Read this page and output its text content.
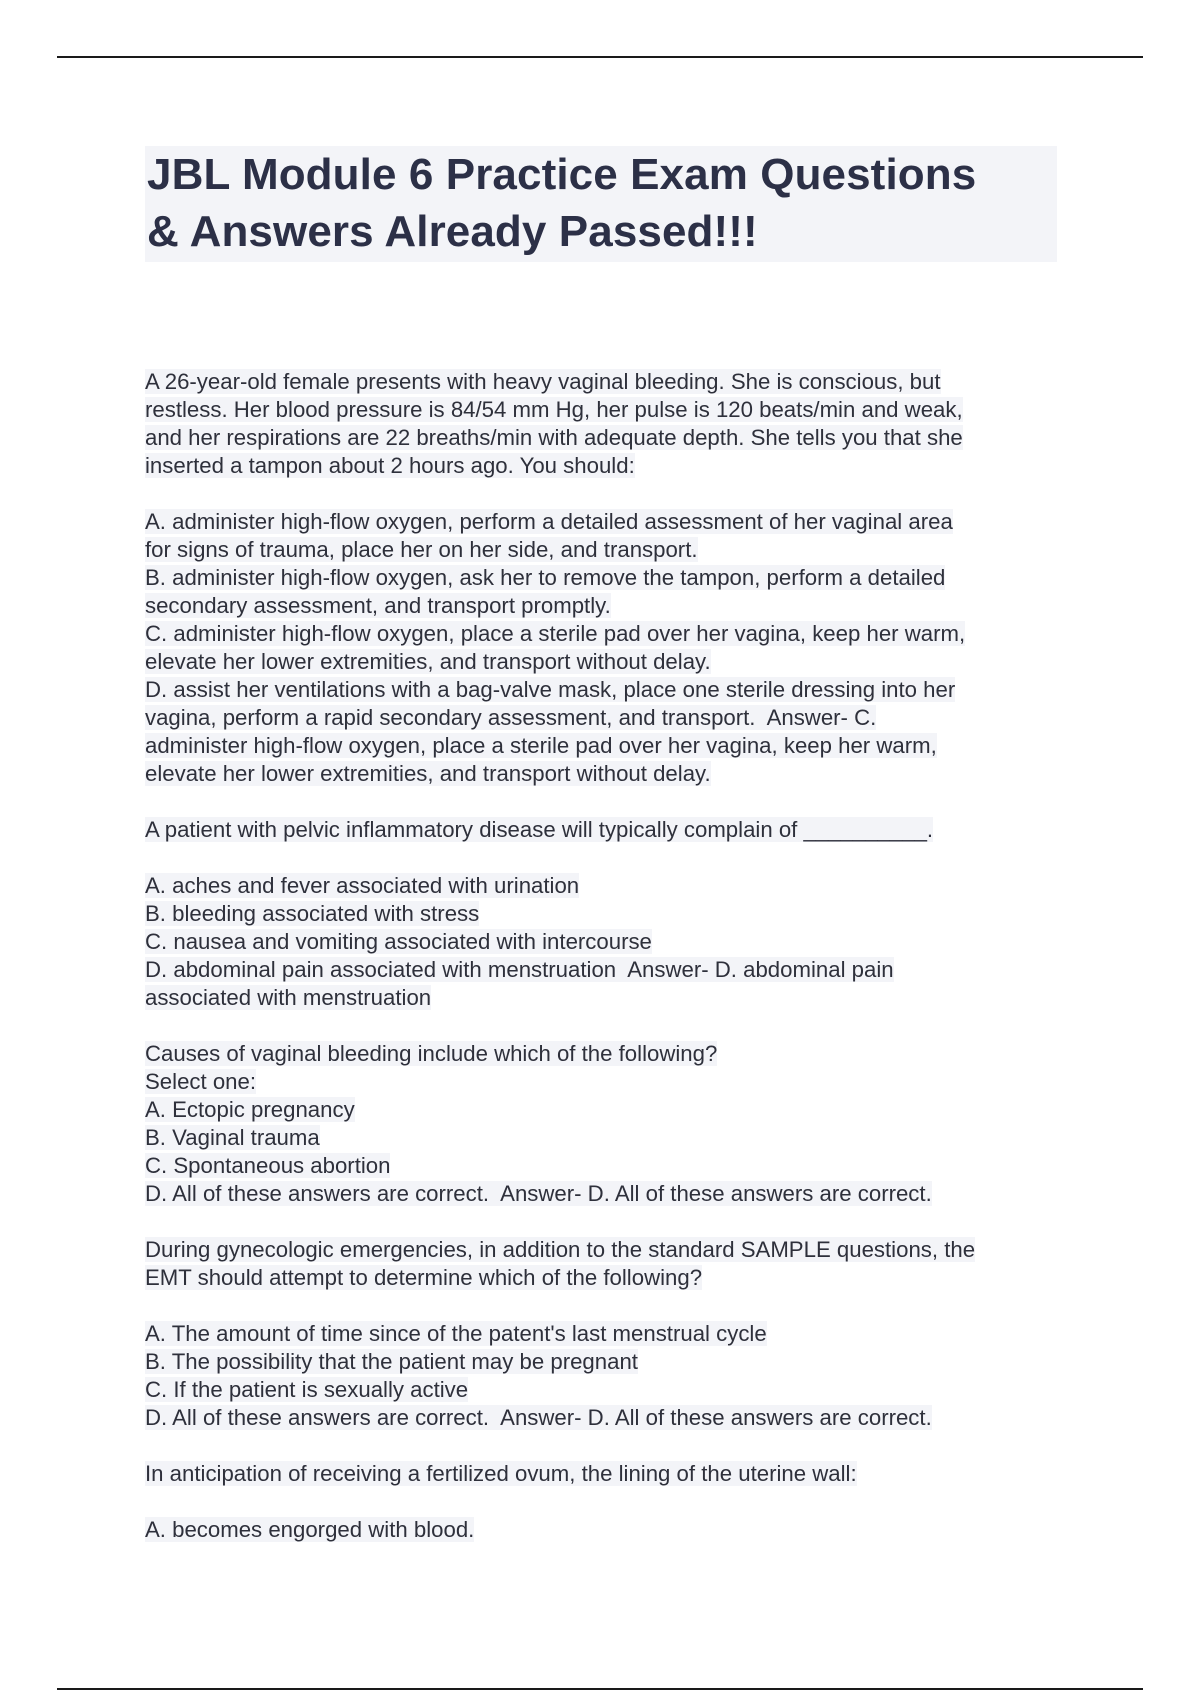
JBL Module 6 Practice Exam Questions
& Answers Already Passed!!!

A 26-year-old female presents with heavy vaginal bleeding. She is conscious, but
restless. Her blood pressure is 84/54 mm Hg, her pulse is 120 beats/min and weak,
and her respirations are 22 breaths/min with adequate depth. She tells you that she
inserted a tampon about 2 hours ago. You should:

A. administer high-flow oxygen, perform a detailed assessment of her vaginal area
for signs of trauma, place her on her side, and transport.
B. administer high-flow oxygen, ask her to remove the tampon, perform a detailed
secondary assessment, and transport promptly.
C. administer high-flow oxygen, place a sterile pad over her vagina, keep her warm,
elevate her lower extremities, and transport without delay.
D. assist her ventilations with a bag-valve mask, place one sterile dressing into her
vagina, perform a rapid secondary assessment, and transport.  Answer- C.
administer high-flow oxygen, place a sterile pad over her vagina, keep her warm,
elevate her lower extremities, and transport without delay.

A patient with pelvic inflammatory disease will typically complain of __________.

A. aches and fever associated with urination
B. bleeding associated with stress
C. nausea and vomiting associated with intercourse
D. abdominal pain associated with menstruation  Answer- D. abdominal pain
associated with menstruation

Causes of vaginal bleeding include which of the following?
Select one:
A. Ectopic pregnancy
B. Vaginal trauma
C. Spontaneous abortion
D. All of these answers are correct.  Answer- D. All of these answers are correct.

During gynecologic emergencies, in addition to the standard SAMPLE questions, the
EMT should attempt to determine which of the following?

A. The amount of time since of the patent's last menstrual cycle
B. The possibility that the patient may be pregnant
C. If the patient is sexually active
D. All of these answers are correct.  Answer- D. All of these answers are correct.

In anticipation of receiving a fertilized ovum, the lining of the uterine wall:

A. becomes engorged with blood.
